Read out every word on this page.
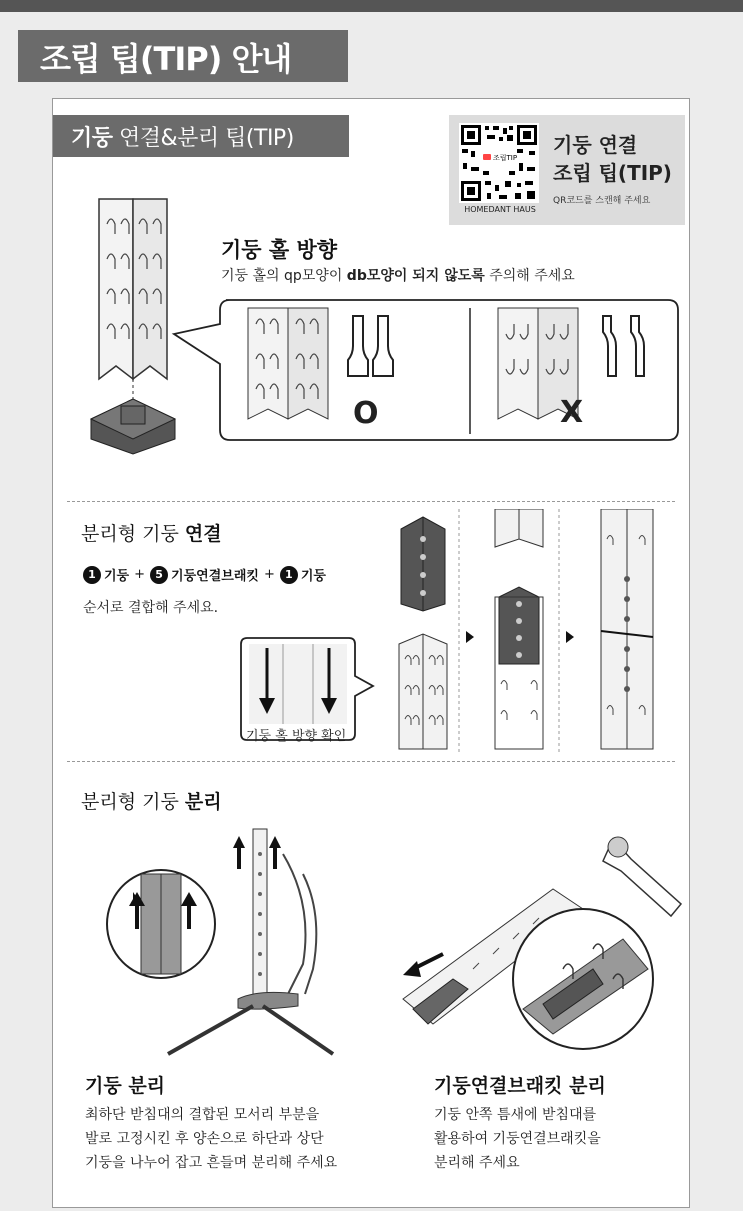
조립 팁(TIP) 안내
기둥 연결&분리 팁(TIP)
조립TIP
HOMEDANT HAUS
기둥 연결
조립 팁(TIP)
QR코드를 스캔해 주세요
기둥 홀 방향
기둥 홀의 qp모양이 db모양이 되지 않도록 주의해 주세요
O	X
분리형 기둥 연결
1 기둥 + 5 기둥연결브래킷 + 1 기둥
순서로 결합해 주세요.
기둥 홀 방향 확인
분리형 기둥 분리
기둥 분리
최하단 받침대의 결합된 모서리 부분을
발로 고정시킨 후 양손으로 하단과 상단
기둥을 나누어 잡고 흔들며 분리해 주세요
기둥연결브래킷 분리
기둥 안쪽 틈새에 받침대를
활용하여 기둥연결브래킷을
분리해 주세요
